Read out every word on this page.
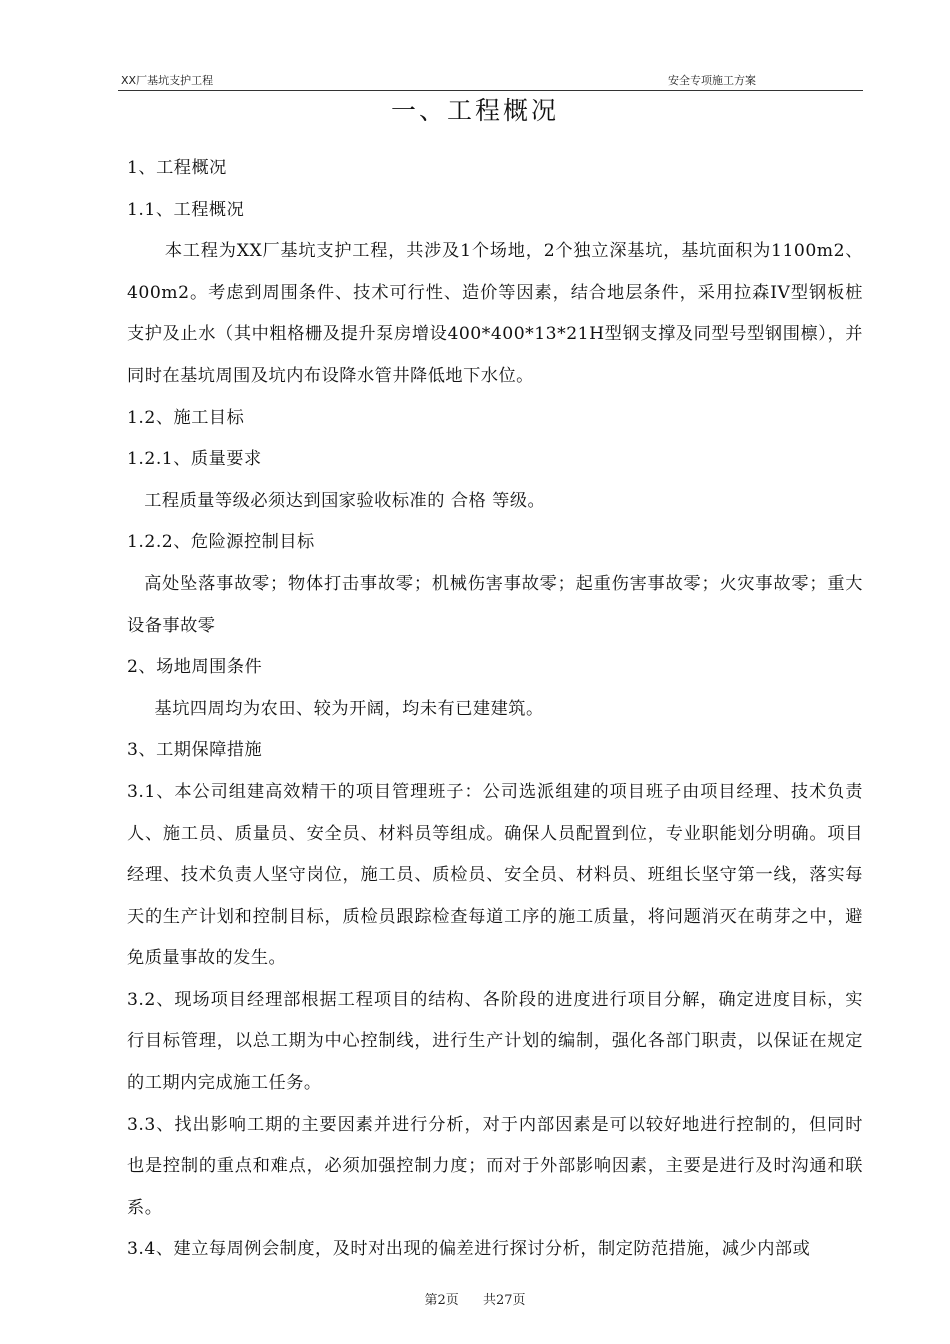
XX厂基坑支护工程	安全专项施工方案
一、工程概况

1、工程概况

1.1、工程概况

本工程为XX厂基坑支护工程，共涉及1个场地，2个独立深基坑，基坑面积为1100m2、400m2。考虑到周围条件、技术可行性、造价等因素，结合地层条件，采用拉森IV型钢板桩支护及止水（其中粗格栅及提升泵房增设400*400*13*21H型钢支撑及同型号型钢围檩），并同时在基坑周围及坑内布设降水管井降低地下水位。

1.2、施工目标

1.2.1、质量要求

工程质量等级必须达到国家验收标准的 合格 等级。

1.2.2、危险源控制目标

高处坠落事故零；物体打击事故零；机械伤害事故零；起重伤害事故零；火灾事故零；重大设备事故零

2、场地周围条件

基坑四周均为农田、较为开阔，均未有已建建筑。

3、工期保障措施

3.1、本公司组建高效精干的项目管理班子：公司选派组建的项目班子由项目经理、技术负责人、施工员、质量员、安全员、材料员等组成。确保人员配置到位，专业职能划分明确。项目经理、技术负责人坚守岗位，施工员、质检员、安全员、材料员、班组长坚守第一线，落实每天的生产计划和控制目标，质检员跟踪检查每道工序的施工质量，将问题消灭在萌芽之中，避免质量事故的发生。

3.2、现场项目经理部根据工程项目的结构、各阶段的进度进行项目分解，确定进度目标，实行目标管理，以总工期为中心控制线，进行生产计划的编制，强化各部门职责，以保证在规定的工期内完成施工任务。

3.3、找出影响工期的主要因素并进行分析，对于内部因素是可以较好地进行控制的，但同时也是控制的重点和难点，必须加强控制力度；而对于外部影响因素，主要是进行及时沟通和联系。

3.4、建立每周例会制度，及时对出现的偏差进行探讨分析，制定防范措施，减少内部或

第2页 共27页
